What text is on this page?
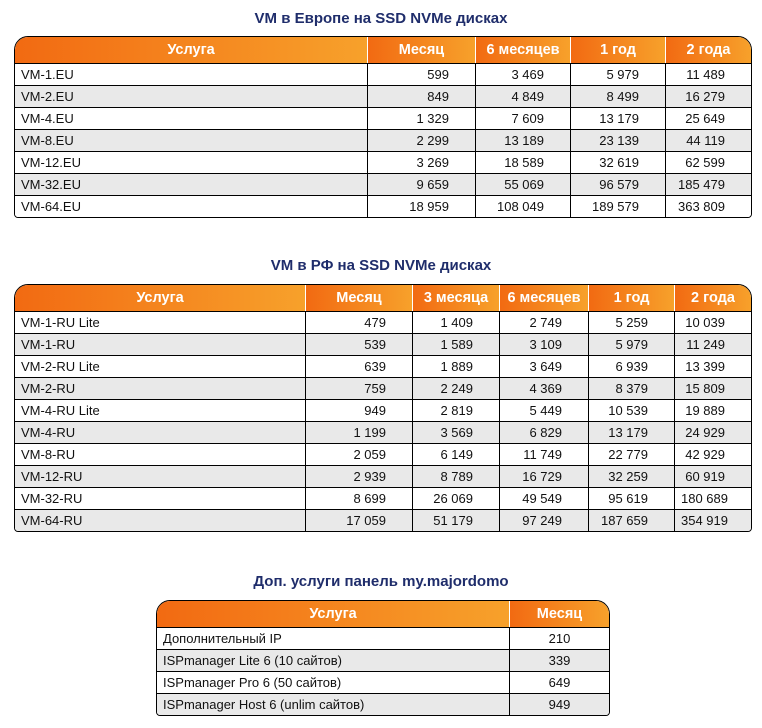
VM в Европе на SSD NVMe дисках
Услуга	Месяц	6 месяцев	1 год	2 года
VM-1.EU	599	3 469	5 979	11 489
VM-2.EU	849	4 849	8 499	16 279
VM-4.EU	1 329	7 609	13 179	25 649
VM-8.EU	2 299	13 189	23 139	44 119
VM-12.EU	3 269	18 589	32 619	62 599
VM-32.EU	9 659	55 069	96 579	185 479
VM-64.EU	18 959	108 049	189 579	363 809
VM в РФ на SSD NVMe дисках
Услуга	Месяц	3 месяца	6 месяцев	1 год	2 года
VM-1-RU Lite	479	1 409	2 749	5 259	10 039
VM-1-RU	539	1 589	3 109	5 979	11 249
VM-2-RU Lite	639	1 889	3 649	6 939	13 399
VM-2-RU	759	2 249	4 369	8 379	15 809
VM-4-RU Lite	949	2 819	5 449	10 539	19 889
VM-4-RU	1 199	3 569	6 829	13 179	24 929
VM-8-RU	2 059	6 149	11 749	22 779	42 929
VM-12-RU	2 939	8 789	16 729	32 259	60 919
VM-32-RU	8 699	26 069	49 549	95 619	180 689
VM-64-RU	17 059	51 179	97 249	187 659	354 919
Доп. услуги панель my.majordomo
Услуга	Месяц
Дополнительный IP	210
ISPmanager Lite 6 (10 сайтов)	339
ISPmanager Pro 6 (50 сайтов)	649
ISPmanager Host 6 (unlim сайтов)	949
